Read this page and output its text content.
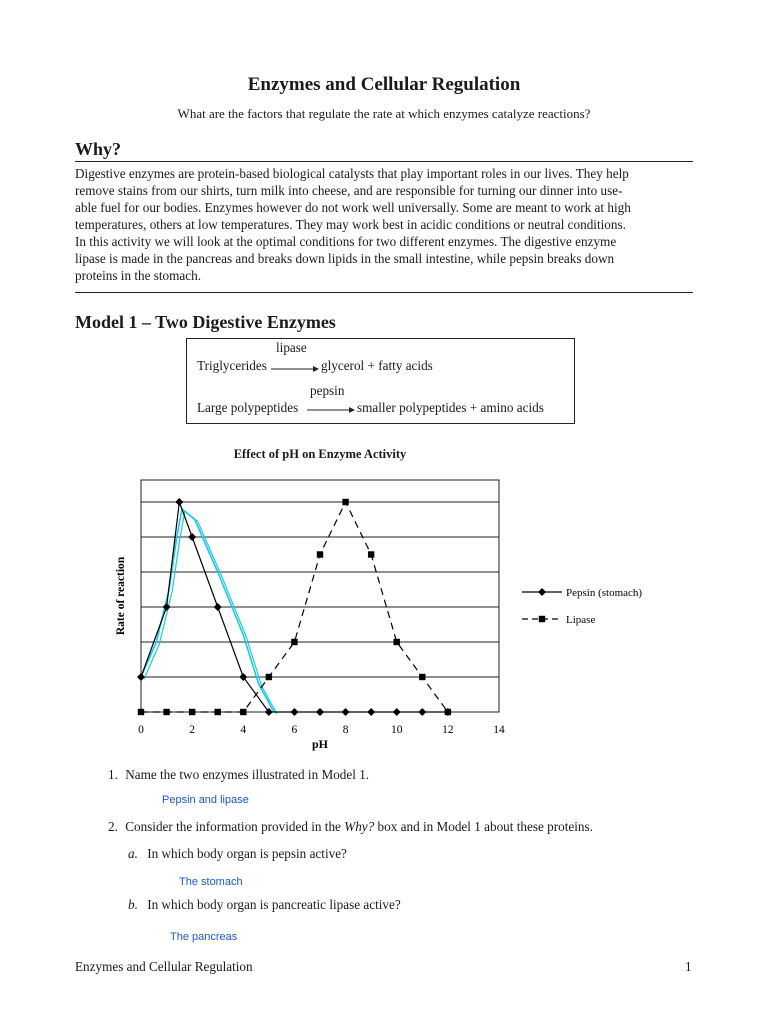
Enzymes and Cellular Regulation
What are the factors that regulate the rate at which enzymes catalyze reactions?
Why?
Digestive enzymes are protein-based biological catalysts that play important roles in our lives. They help
remove stains from our shirts, turn milk into cheese, and are responsible for turning our dinner into use-
able fuel for our bodies. Enzymes however do not work well universally. Some are meant to work at high
temperatures, others at low temperatures. They may work best in acidic conditions or neutral conditions.
In this activity we will look at the optimal conditions for two different enzymes. The digestive enzyme
lipase is made in the pancreas and breaks down lipids in the small intestine, while pepsin breaks down
proteins in the stomach.
Model 1 – Two Digestive Enzymes
lipase
Triglycerides	glycerol + fatty acids
pepsin
Large polypeptides	smaller polypeptides + amino acids
Effect of pH on Enzyme Activity
0	2	4	6	8	10	12	14
Pepsin (stomach)
Lipase
pH
Rate of reaction
1. Name the two enzymes illustrated in Model 1.
Pepsin and lipase
2. Consider the information provided in the Why? box and in Model 1 about these proteins.
a. In which body organ is pepsin active?
The stomach
b. In which body organ is pancreatic lipase active?
The pancreas
Enzymes and Cellular Regulation	1
